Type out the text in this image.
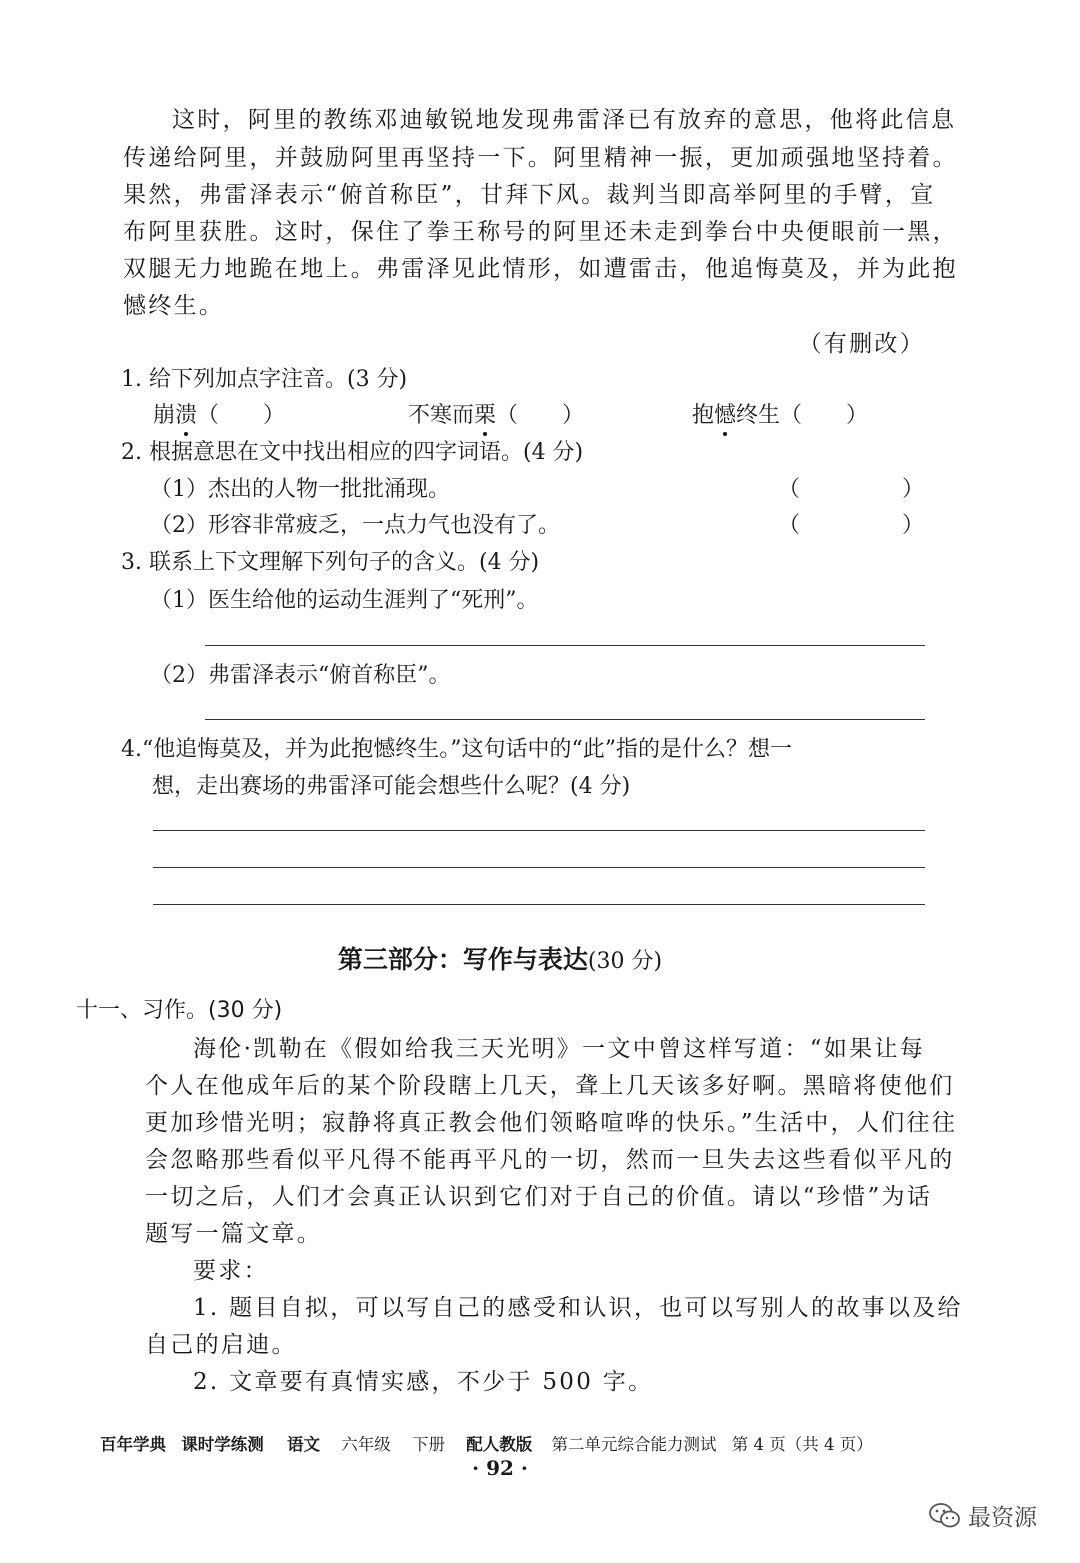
这时，阿里的教练邓迪敏锐地发现弗雷泽已有放弃的意思，他将此信息
传递给阿里，并鼓励阿里再坚持一下。阿里精神一振，更加顽强地坚持着。
果然，弗雷泽表示“俯首称臣”，甘拜下风。裁判当即高举阿里的手臂，宣
布阿里获胜。这时，保住了拳王称号的阿里还未走到拳台中央便眼前一黑，
双腿无力地跪在地上。弗雷泽见此情形，如遭雷击，他追悔莫及，并为此抱
憾终生。
（有删改）
1. 给下列加点字注音。(3 分)
崩溃（　　）	不寒而栗（　　）	抱憾终生（　　）
2. 根据意思在文中找出相应的四字词语。(4 分)
（1）杰出的人物一批批涌现。	（	）
（2）形容非常疲乏，一点力气也没有了。	（	）
3. 联系上下文理解下列句子的含义。(4 分)
（1）医生给他的运动生涯判了“死刑”。
（2）弗雷泽表示“俯首称臣”。
4.“他追悔莫及，并为此抱憾终生。”这句话中的“此”指的是什么？想一
想，走出赛场的弗雷泽可能会想些什么呢？(4 分)
第三部分：写作与表达(30 分)
十一、习作。(30 分)
海伦·凯勒在《假如给我三天光明》一文中曾这样写道：“如果让每
个人在他成年后的某个阶段瞎上几天，聋上几天该多好啊。黑暗将使他们
更加珍惜光明；寂静将真正教会他们领略喧哗的快乐。”生活中，人们往往
会忽略那些看似平凡得不能再平凡的一切，然而一旦失去这些看似平凡的
一切之后，人们才会真正认识到它们对于自己的价值。请以“珍惜”为话
题写一篇文章。
要求：
1. 题目自拟，可以写自己的感受和认识，也可以写别人的故事以及给
自己的启迪。
2. 文章要有真情实感，不少于 500 字。
百年学典 课时学练测 语文 六年级 下册 配人教版 第二单元综合能力测试 第 4 页（共 4 页）
· 92 ·
最资源
